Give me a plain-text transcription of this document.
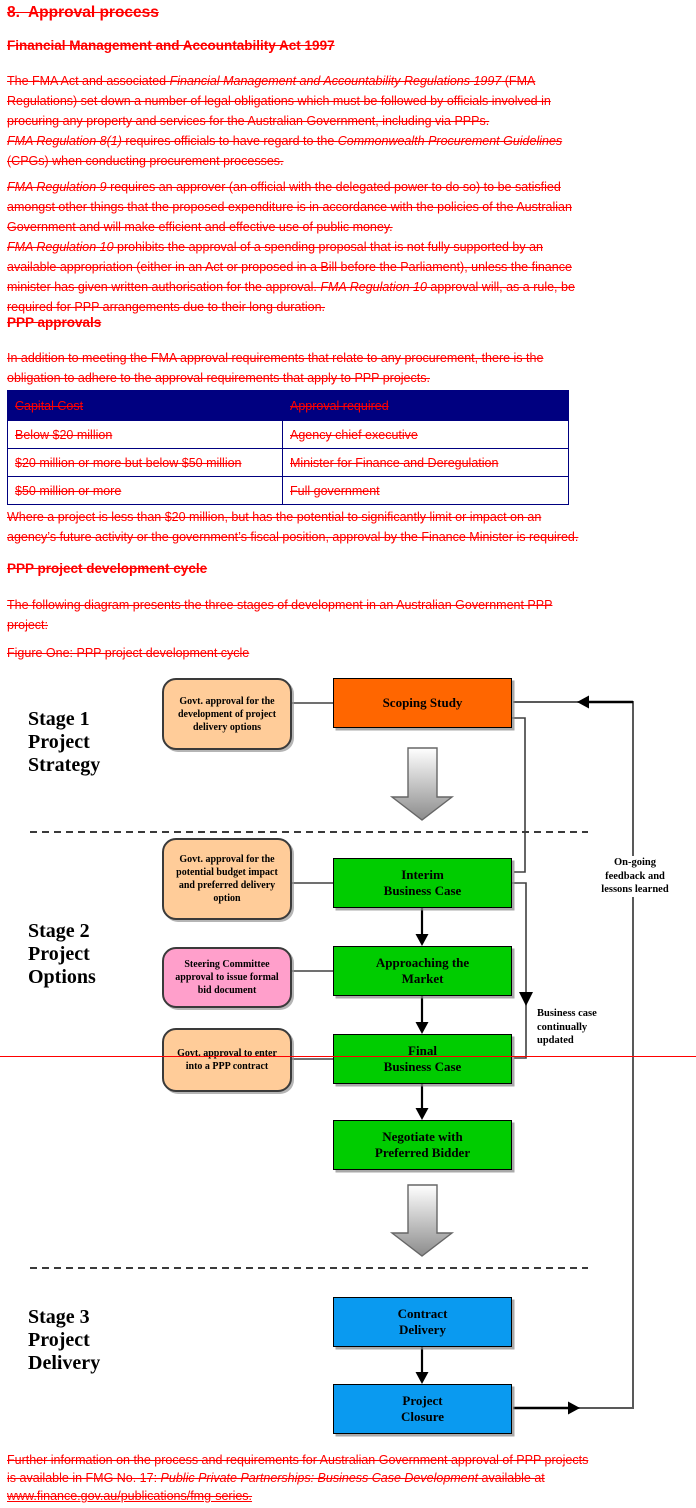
8.  Approval process
Financial Management and Accountability Act 1997
The FMA Act and associated Financial Management and Accountability Regulations 1997 (FMA Regulations) set down a number of legal obligations which must be followed by officials involved in procuring any property and services for the Australian Government, including via PPPs.
FMA Regulation 8(1) requires officials to have regard to the Commonwealth Procurement Guidelines (CPGs) when conducting procurement processes.
FMA Regulation 9 requires an approver (an official with the delegated power to do so) to be satisfied amongst other things that the proposed expenditure is in accordance with the policies of the Australian Government and will make efficient and effective use of public money.
FMA Regulation 10 prohibits the approval of a spending proposal that is not fully supported by an available appropriation (either in an Act or proposed in a Bill before the Parliament), unless the finance minister has given written authorisation for the approval. FMA Regulation 10 approval will, as a rule, be required for PPP arrangements due to their long duration.
PPP approvals
In addition to meeting the FMA approval requirements that relate to any procurement, there is the obligation to adhere to the approval requirements that apply to PPP projects.
Capital Cost	Approval required
Below $20 million	Agency chief executive
$20 million or more but below $50 million	Minister for Finance and Deregulation
$50 million or more	Full government
Where a project is less than $20 million, but has the potential to significantly limit or impact on an agency’s future activity or the government’s fiscal position, approval by the Finance Minister is required.
PPP project development cycle
The following diagram presents the three stages of development in an Australian Government PPP project:
Figure One: PPP project development cycle
Stage 1
Project
Strategy
Stage 2
Project
Options
Stage 3
Project
Delivery
Govt. approval for the development of project delivery options
Govt. approval for the potential budget impact and preferred delivery option
Steering Committee approval to issue formal bid document
Govt. approval to enter into a PPP contract
Scoping Study
Interim
Business Case
Approaching the
Market
Final
Business Case
Negotiate with
Preferred Bidder
Contract
Delivery
Project
Closure
On-going
feedback and
lessons learned
Business case
continually
updated
Further information on the process and requirements for Australian Government approval of PPP projects is available in FMG No. 17: Public Private Partnerships: Business Case Development available at www.finance.gov.au/publications/fmg-series.
